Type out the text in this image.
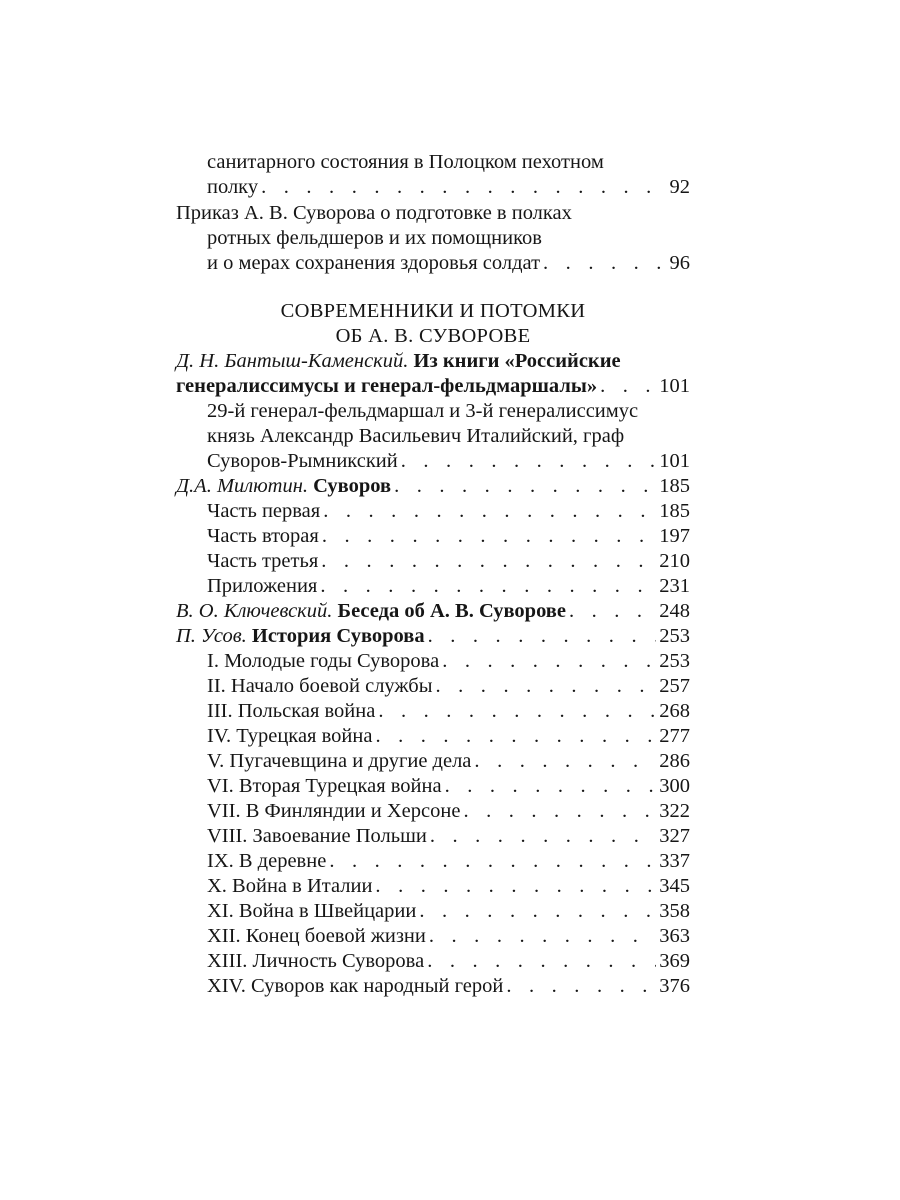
санитарного состояния в Полоцком пехотном
полку . . .	92
Приказ А. В. Суворова о подготовке в полках
ротных фельдшеров и их помощников
и о мерах сохранения здоровья солдат . . .	96
СОВРЕМЕННИКИ И ПОТОМКИ
ОБ А. В. СУВОРОВЕ
Д. Н. Бантыш-Каменский. Из книги «Российские
генералиссимусы и генерал-фельдмаршалы» . . .	101
29-й генерал-фельдмаршал и 3-й генералиссимус
князь Александр Васильевич Италийский, граф
Суворов-Рымникский . . .	101
Д.А. Милютин. Суворов . . .	185
Часть первая . . .	185
Часть вторая . . .	197
Часть третья . . .	210
Приложения . . .	231
В. О. Ключевский. Беседа об А. В. Суворове . . .	248
П. Усов. История Суворова . . .	253
I. Молодые годы Суворова . . .	253
II. Начало боевой службы . . .	257
III. Польская война . . .	268
IV. Турецкая война . . .	277
V. Пугачевщина и другие дела . . .	286
VI. Вторая Турецкая война . . .	300
VII. В Финляндии и Херсоне . . .	322
VIII. Завоевание Польши . . .	327
IX. В деревне . . .	337
X. Война в Италии . . .	345
XI. Война в Швейцарии . . .	358
XII. Конец боевой жизни . . .	363
XIII. Личность Суворова . . .	369
XIV. Суворов как народный герой . . .	376
